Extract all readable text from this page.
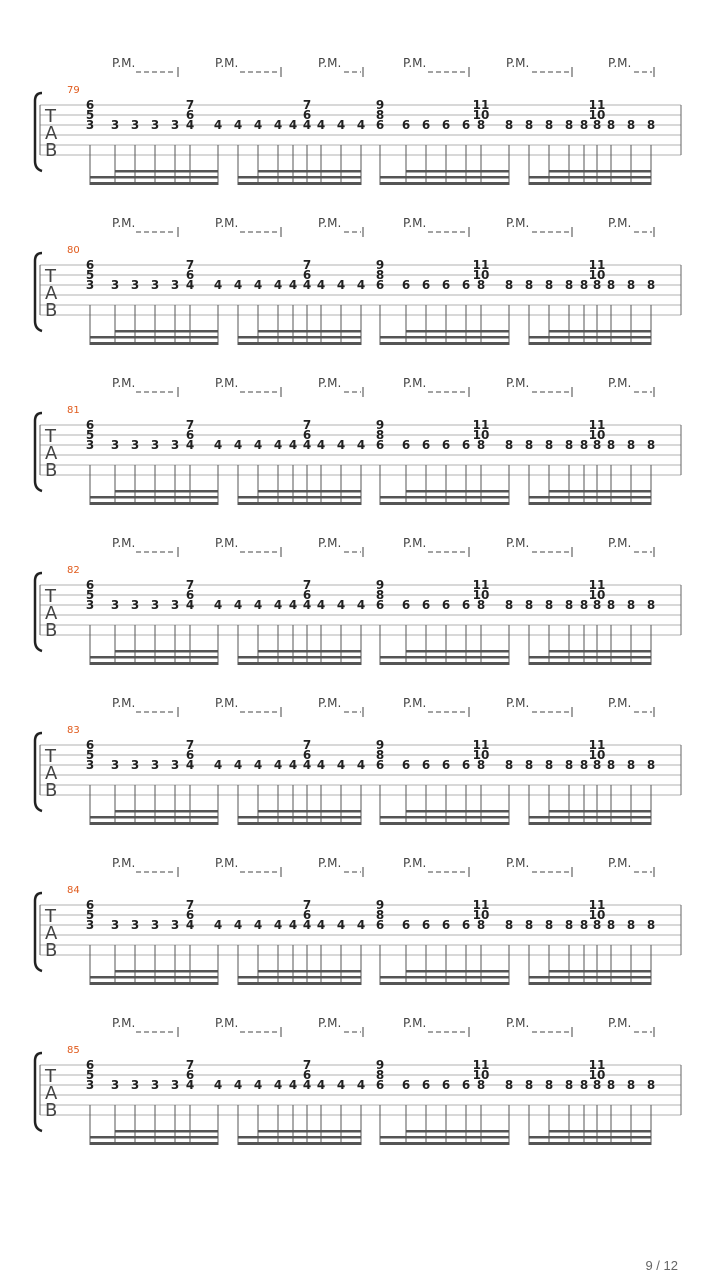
P.M.	P.M.	P.M.	P.M.	P.M.	P.M.
79
T
A
B
6
5
3 3 3 3 3
7
6
4 4 4 4 4 4
7
6
4 4 4 4
9
8
6 6 6 6 6
11
10
8 8 8 8 8 8
11
10
8 8 8 8
P.M.	P.M.	P.M.	P.M.	P.M.	P.M.
80
T
A
B
6
5
3 3 3 3 3
7
6
4 4 4 4 4 4
7
6
4 4 4 4
9
8
6 6 6 6 6
11
10
8 8 8 8 8 8
11
10
8 8 8 8
P.M.	P.M.	P.M.	P.M.	P.M.	P.M.
81
T
A
B
6
5
3 3 3 3 3
7
6
4 4 4 4 4 4
7
6
4 4 4 4
9
8
6 6 6 6 6
11
10
8 8 8 8 8 8
11
10
8 8 8 8
P.M.	P.M.	P.M.	P.M.	P.M.	P.M.
82
T
A
B
6
5
3 3 3 3 3
7
6
4 4 4 4 4 4
7
6
4 4 4 4
9
8
6 6 6 6 6
11
10
8 8 8 8 8 8
11
10
8 8 8 8
P.M.	P.M.	P.M.	P.M.	P.M.	P.M.
83
T
A
B
6
5
3 3 3 3 3
7
6
4 4 4 4 4 4
7
6
4 4 4 4
9
8
6 6 6 6 6
11
10
8 8 8 8 8 8
11
10
8 8 8 8
P.M.	P.M.	P.M.	P.M.	P.M.	P.M.
84
T
A
B
6
5
3 3 3 3 3
7
6
4 4 4 4 4 4
7
6
4 4 4 4
9
8
6 6 6 6 6
11
10
8 8 8 8 8 8
11
10
8 8 8 8
P.M.	P.M.	P.M.	P.M.	P.M.	P.M.
85
T
A
B
6
5
3 3 3 3 3
7
6
4 4 4 4 4 4
7
6
4 4 4 4
9
8
6 6 6 6 6
11
10
8 8 8 8 8 8
11
10
8 8 8 8
9 / 12
